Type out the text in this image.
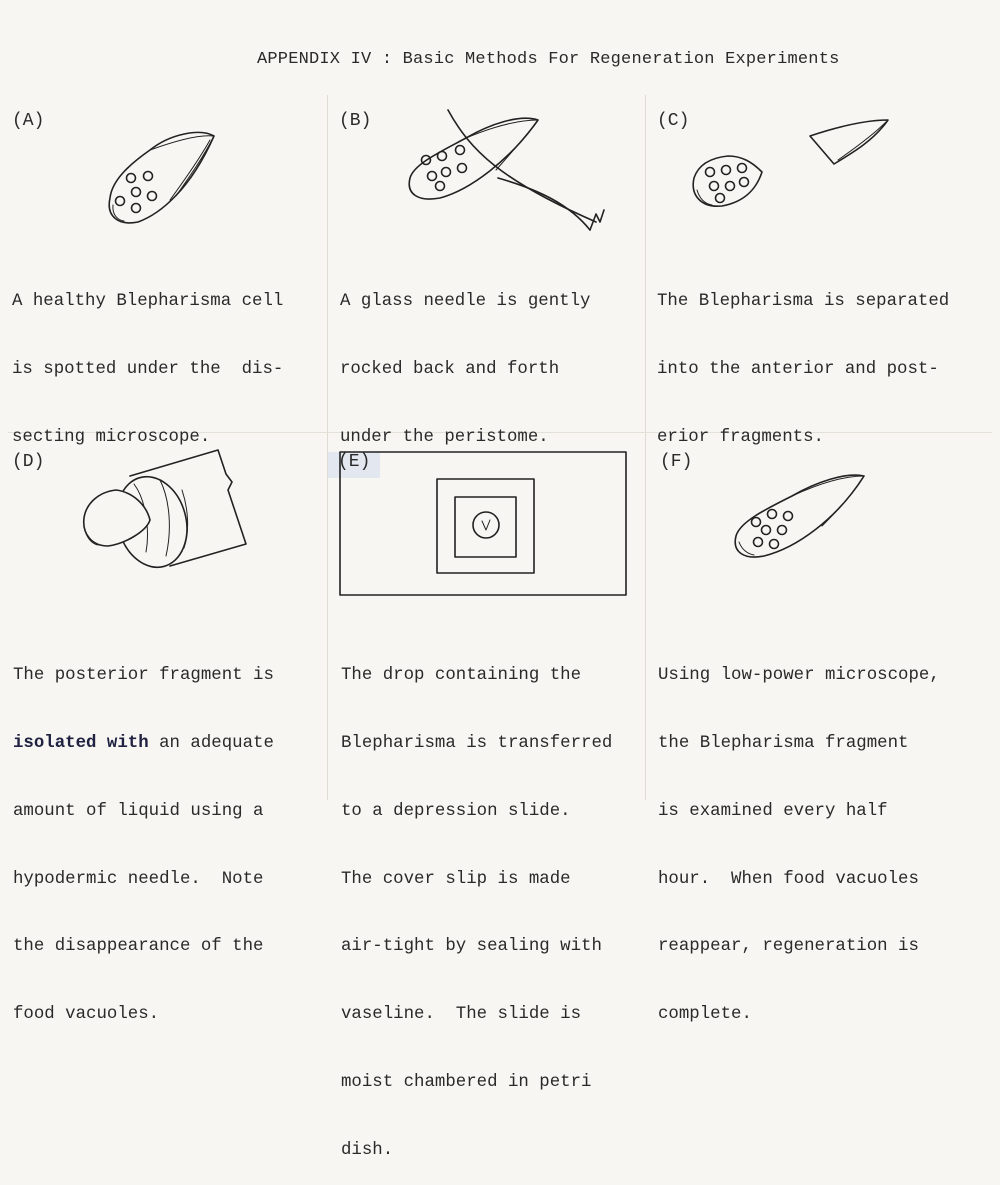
APPENDIX IV : Basic Methods For Regeneration Experiments
(A)

A healthy Blepharisma cell

is spotted under the  dis-

secting microscope.

(B)

A glass needle is gently

rocked back and forth

under the peristome.

(C)

The Blepharisma is separated

into the anterior and post-

erior fragments.

(D)

The posterior fragment is

isolated with an adequate

amount of liquid using a

hypodermic needle.  Note

the disappearance of the

food vacuoles.

(E)

The drop containing the

Blepharisma is transferred

to a depression slide.

The cover slip is made

air-tight by sealing with

vaseline.  The slide is

moist chambered in petri

dish.

(F)

Using low-power microscope,

the Blepharisma fragment

is examined every half

hour.  When food vacuoles

reappear, regeneration is

complete.
